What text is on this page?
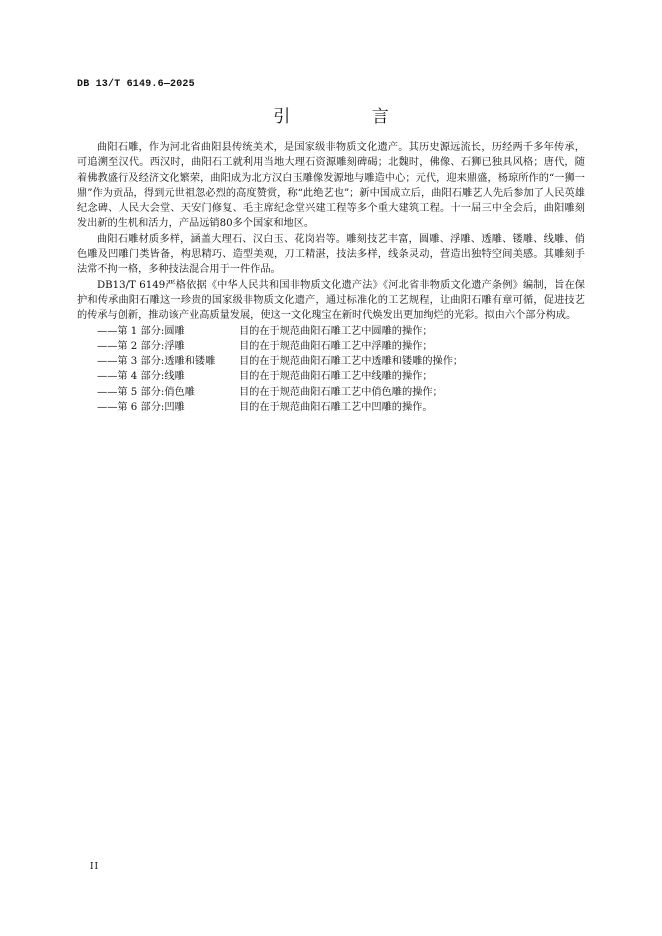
DB 13/T 6149.6—2025
引 言

曲阳石雕，作为河北省曲阳县传统美术，是国家级非物质文化遗产。其历史源远流长，历经两千多年传承，可追溯至汉代。西汉时，曲阳石工就利用当地大理石资源雕刻碑碣；北魏时，佛像、石狮已独具风格；唐代，随着佛教盛行及经济文化繁荣，曲阳成为北方汉白玉雕像发源地与雕造中心；元代，迎来鼎盛，杨琼所作的“一狮一鼎”作为贡品，得到元世祖忽必烈的高度赞赏，称“此绝艺也”；新中国成立后，曲阳石雕艺人先后参加了人民英雄纪念碑、人民大会堂、天安门修复、毛主席纪念堂兴建工程等多个重大建筑工程。十一届三中全会后，曲阳雕刻发出新的生机和活力，产品远销80多个国家和地区。

曲阳石雕材质多样，涵盖大理石、汉白玉、花岗岩等。雕刻技艺丰富，圆雕、浮雕、透雕、镂雕、线雕、俏色雕及凹雕门类皆备，构思精巧、造型美观，刀工精湛，技法多样，线条灵动，营造出独特空间美感。其雕刻手法常不拘一格，多种技法混合用于一件作品。

DB13/T 6149严格依据《中华人民共和国非物质文化遗产法》《河北省非物质文化遗产条例》编制，旨在保护和传承曲阳石雕这一珍贵的国家级非物质文化遗产，通过标准化的工艺规程，让曲阳石雕有章可循，促进技艺的传承与创新，推动该产业高质量发展，使这一文化瑰宝在新时代焕发出更加绚烂的光彩。拟由六个部分构成。

——第 1 部分:圆雕	目的在于规范曲阳石雕工艺中圆雕的操作；
——第 2 部分:浮雕	目的在于规范曲阳石雕工艺中浮雕的操作；
——第 3 部分:透雕和镂雕	目的在于规范曲阳石雕工艺中透雕和镂雕的操作；
——第 4 部分:线雕	目的在于规范曲阳石雕工艺中线雕的操作；
——第 5 部分:俏色雕	目的在于规范曲阳石雕工艺中俏色雕的操作；
——第 6 部分:凹雕	目的在于规范曲阳石雕工艺中凹雕的操作。
II
